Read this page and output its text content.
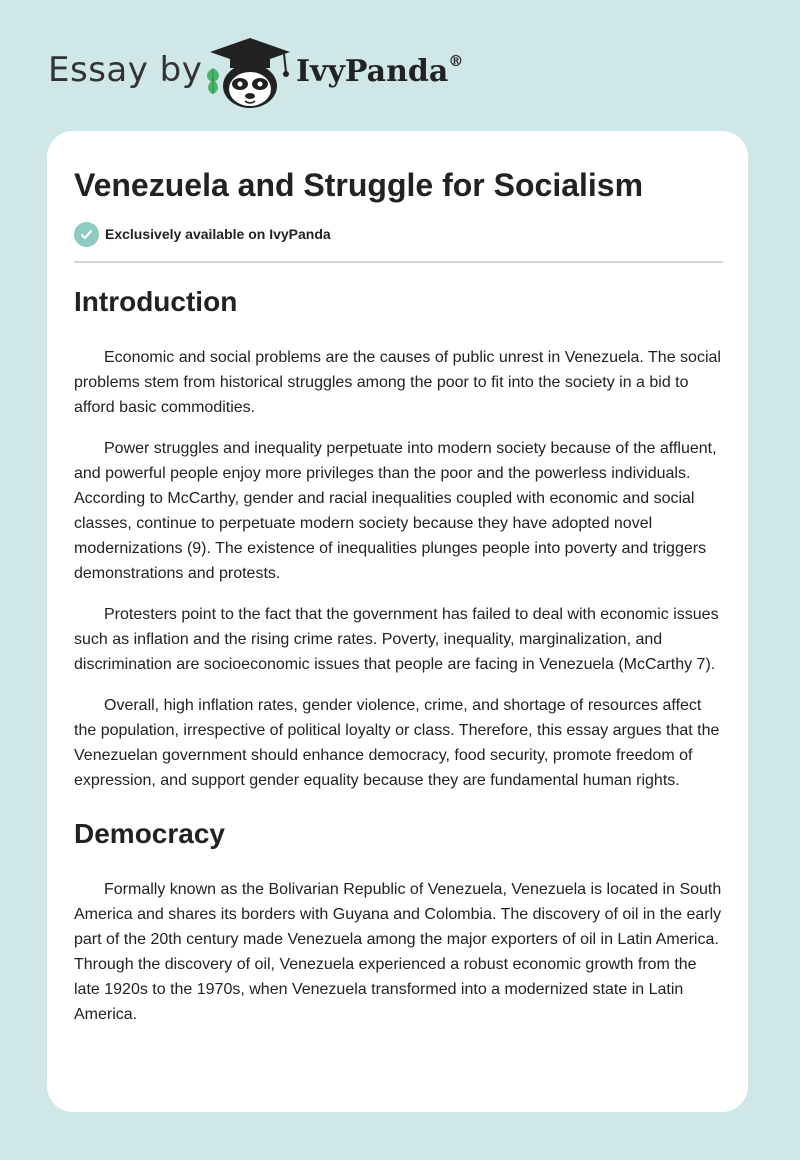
Essay by	IvyPanda®
Venezuela and Struggle for Socialism
Exclusively available on IvyPanda
Introduction

Economic and social problems are the causes of public unrest in Venezuela. The social problems stem from historical struggles among the poor to fit into the society in a bid to afford basic commodities.

Power struggles and inequality perpetuate into modern society because of the affluent, and powerful people enjoy more privileges than the poor and the powerless individuals. According to McCarthy, gender and racial inequalities coupled with economic and social classes, continue to perpetuate modern society because they have adopted novel modernizations (9). The existence of inequalities plunges people into poverty and triggers demonstrations and protests.

Protesters point to the fact that the government has failed to deal with economic issues such as inflation and the rising crime rates. Poverty, inequality, marginalization, and discrimination are socioeconomic issues that people are facing in Venezuela (McCarthy 7).

Overall, high inflation rates, gender violence, crime, and shortage of resources affect the population, irrespective of political loyalty or class. Therefore, this essay argues that the Venezuelan government should enhance democracy, food security, promote freedom of expression, and support gender equality because they are fundamental human rights.

Democracy

Formally known as the Bolivarian Republic of Venezuela, Venezuela is located in South America and shares its borders with Guyana and Colombia. The discovery of oil in the early part of the 20th century made Venezuela among the major exporters of oil in Latin America. Through the discovery of oil, Venezuela experienced a robust economic growth from the late 1920s to the 1970s, when Venezuela transformed into a modernized state in Latin America.
